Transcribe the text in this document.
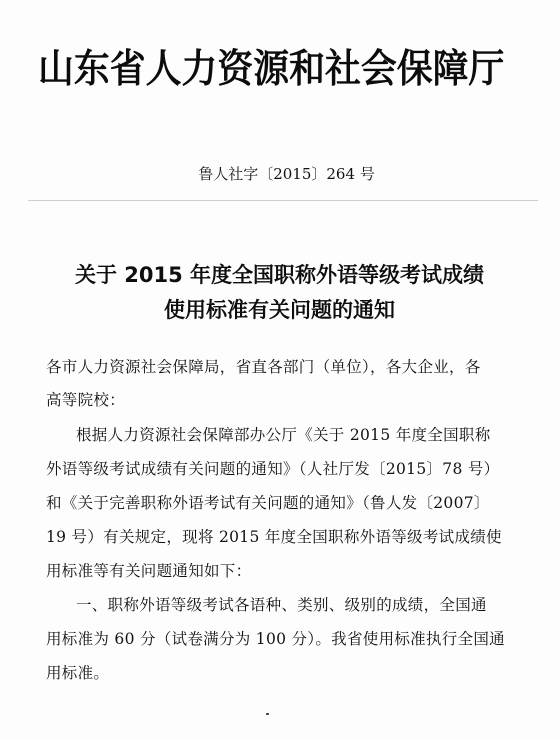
山东省人力资源和社会保障厅
鲁人社字〔2015〕264 号
关于 2015 年度全国职称外语等级考试成绩
使用标准有关问题的通知
各市人力资源社会保障局，省直各部门（单位），各大企业，各
高等院校：
根据人力资源社会保障部办公厅《关于 2015 年度全国职称
外语等级考试成绩有关问题的通知》（人社厅发〔2015〕78 号）
和《关于完善职称外语考试有关问题的通知》（鲁人发〔2007〕
19 号）有关规定，现将 2015 年度全国职称外语等级考试成绩使
用标准等有关问题通知如下：
一、职称外语等级考试各语种、类别、级别的成绩，全国通
用标准为 60 分（试卷满分为 100 分）。我省使用标准执行全国通
用标准。
